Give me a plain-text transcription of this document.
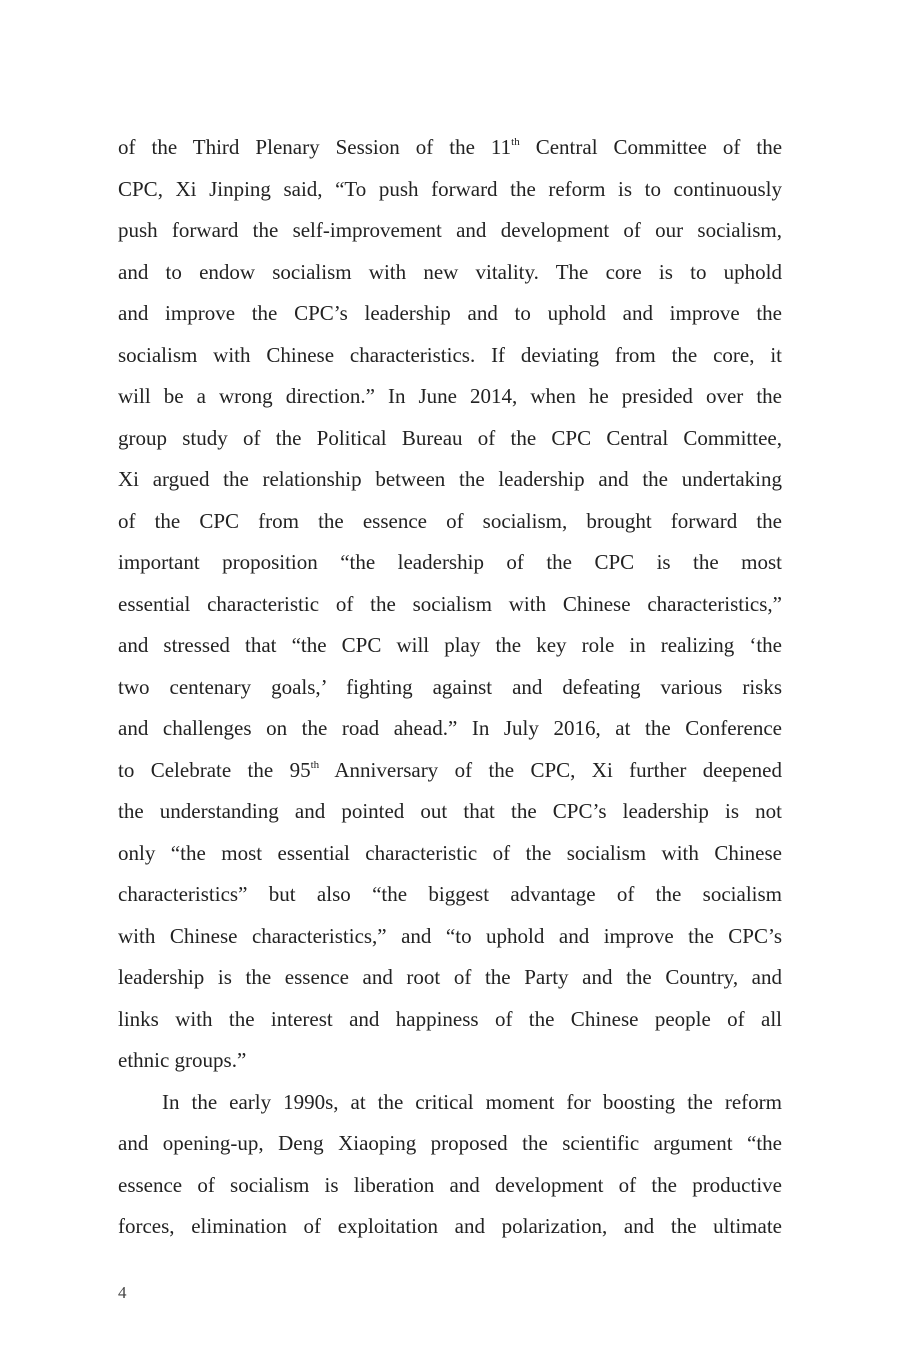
of the Third Plenary Session of the 11th Central Committee of the
CPC, Xi Jinping said, “To push forward the reform is to continuously
push forward the self-improvement and development of our socialism,
and to endow socialism with new vitality. The core is to uphold
and improve the CPC’s leadership and to uphold and improve the
socialism with Chinese characteristics. If deviating from the core, it
will be a wrong direction.” In June 2014, when he presided over the
group study of the Political Bureau of the CPC Central Committee,
Xi argued the relationship between the leadership and the undertaking
of the CPC from the essence of socialism, brought forward the
important proposition “the leadership of the CPC is the most
essential characteristic of the socialism with Chinese characteristics,”
and stressed that “the CPC will play the key role in realizing ‘the
two centenary goals,’ fighting against and defeating various risks
and challenges on the road ahead.” In July 2016, at the Conference
to Celebrate the 95th Anniversary of the CPC, Xi further deepened
the understanding and pointed out that the CPC’s leadership is not
only “the most essential characteristic of the socialism with Chinese
characteristics” but also “the biggest advantage of the socialism
with Chinese characteristics,” and “to uphold and improve the CPC’s
leadership is the essence and root of the Party and the Country, and
links with the interest and happiness of the Chinese people of all
ethnic groups.”
In the early 1990s, at the critical moment for boosting the reform
and opening-up, Deng Xiaoping proposed the scientific argument “the
essence of socialism is liberation and development of the productive
forces, elimination of exploitation and polarization, and the ultimate
4
